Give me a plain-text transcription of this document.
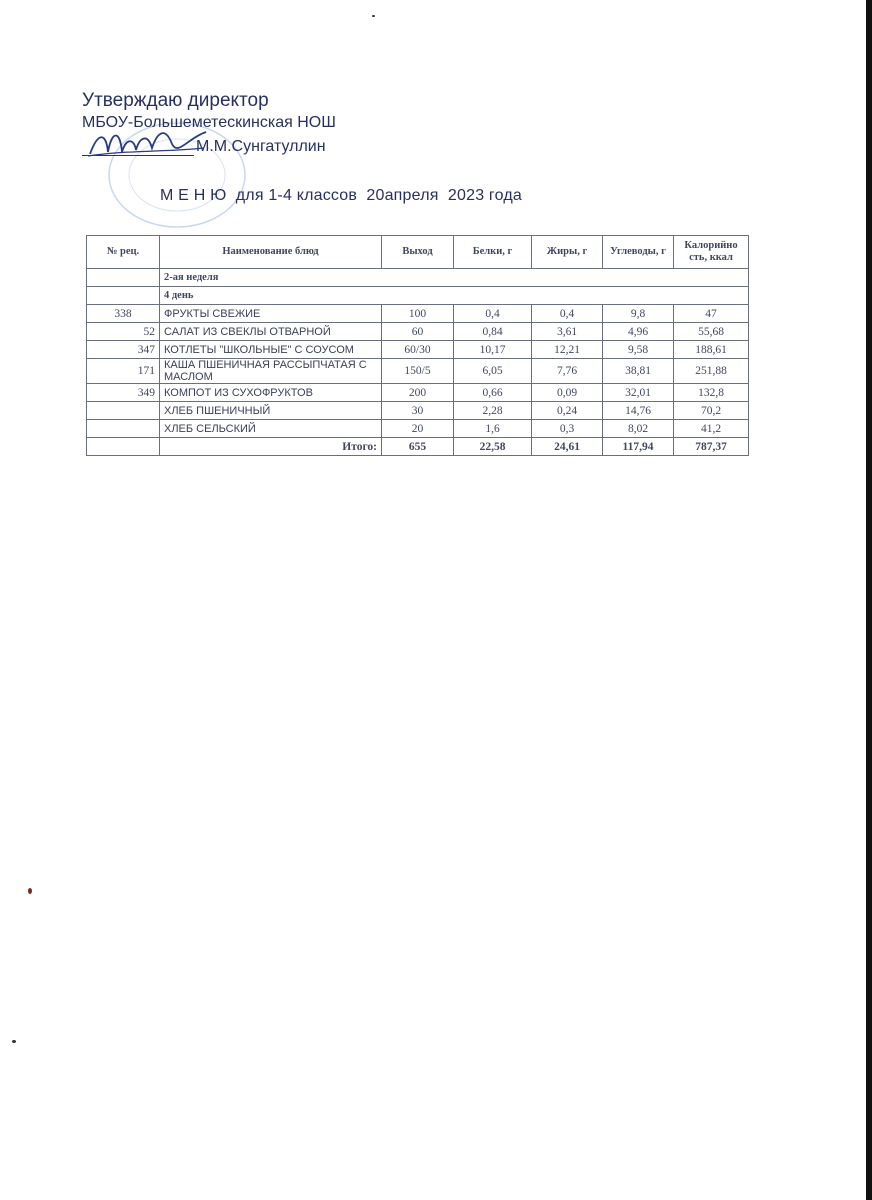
Утверждаю директор
МБОУ-Большеметескинская НОШ
М.М.Сунгатуллин
М Е Н Ю  для 1-4 классов  20апреля  2023 года
№ рец.	Наименование блюд	Выход	Белки, г	Жиры, г	Углеводы, г	Калорийно сть, ккал
	2-ая неделя					
	4 день					
338	ФРУКТЫ СВЕЖИЕ	100	0,4	0,4	9,8	47
52	САЛАТ ИЗ СВЕКЛЫ ОТВАРНОЙ	60	0,84	3,61	4,96	55,68
347	КОТЛЕТЫ "ШКОЛЬНЫЕ" С СОУСОМ	60/30	10,17	12,21	9,58	188,61
171	КАША ПШЕНИЧНАЯ РАССЫПЧАТАЯ С МАСЛОМ	150/5	6,05	7,76	38,81	251,88
349	КОМПОТ ИЗ СУХОФРУКТОВ	200	0,66	0,09	32,01	132,8
	ХЛЕБ ПШЕНИЧНЫЙ	30	2,28	0,24	14,76	70,2
	ХЛЕБ СЕЛЬСКИЙ	20	1,6	0,3	8,02	41,2
	Итого:	655	22,58	24,61	117,94	787,37
